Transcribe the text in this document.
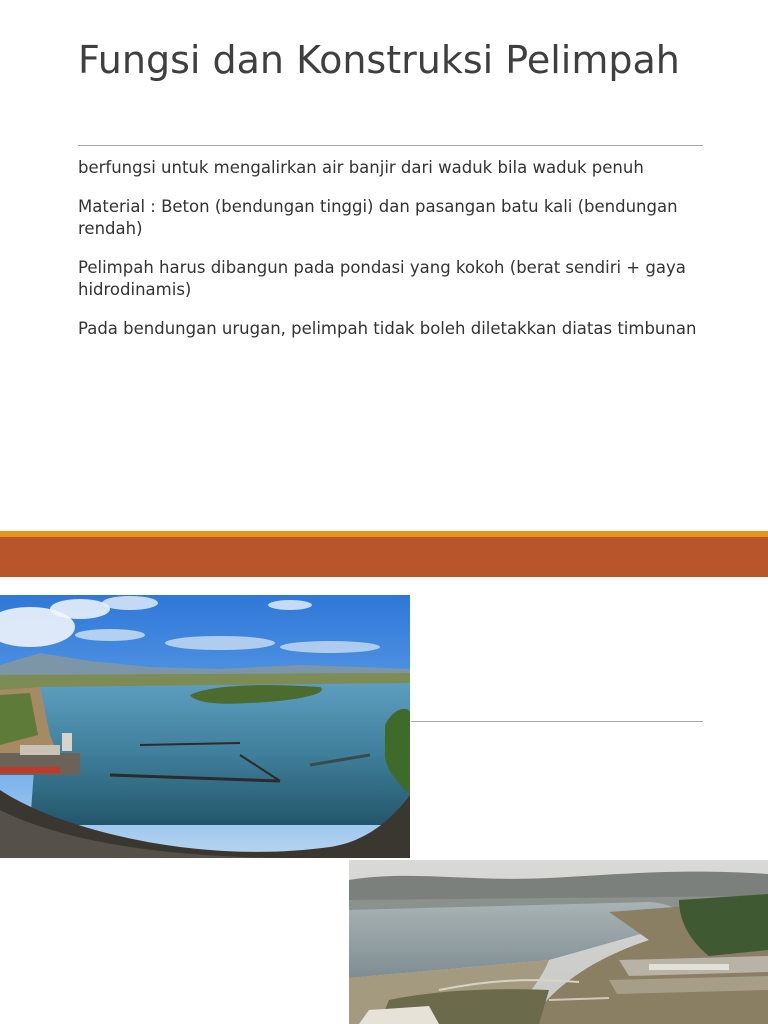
Fungsi dan Konstruksi Pelimpah
berfungsi untuk mengalirkan air banjir dari waduk bila waduk penuh
Material : Beton (bendungan tinggi) dan pasangan batu kali (bendungan rendah)
Pelimpah harus dibangun pada pondasi yang kokoh (berat sendiri + gaya hidrodinamis)
Pada bendungan urugan, pelimpah tidak boleh diletakkan diatas timbunan
